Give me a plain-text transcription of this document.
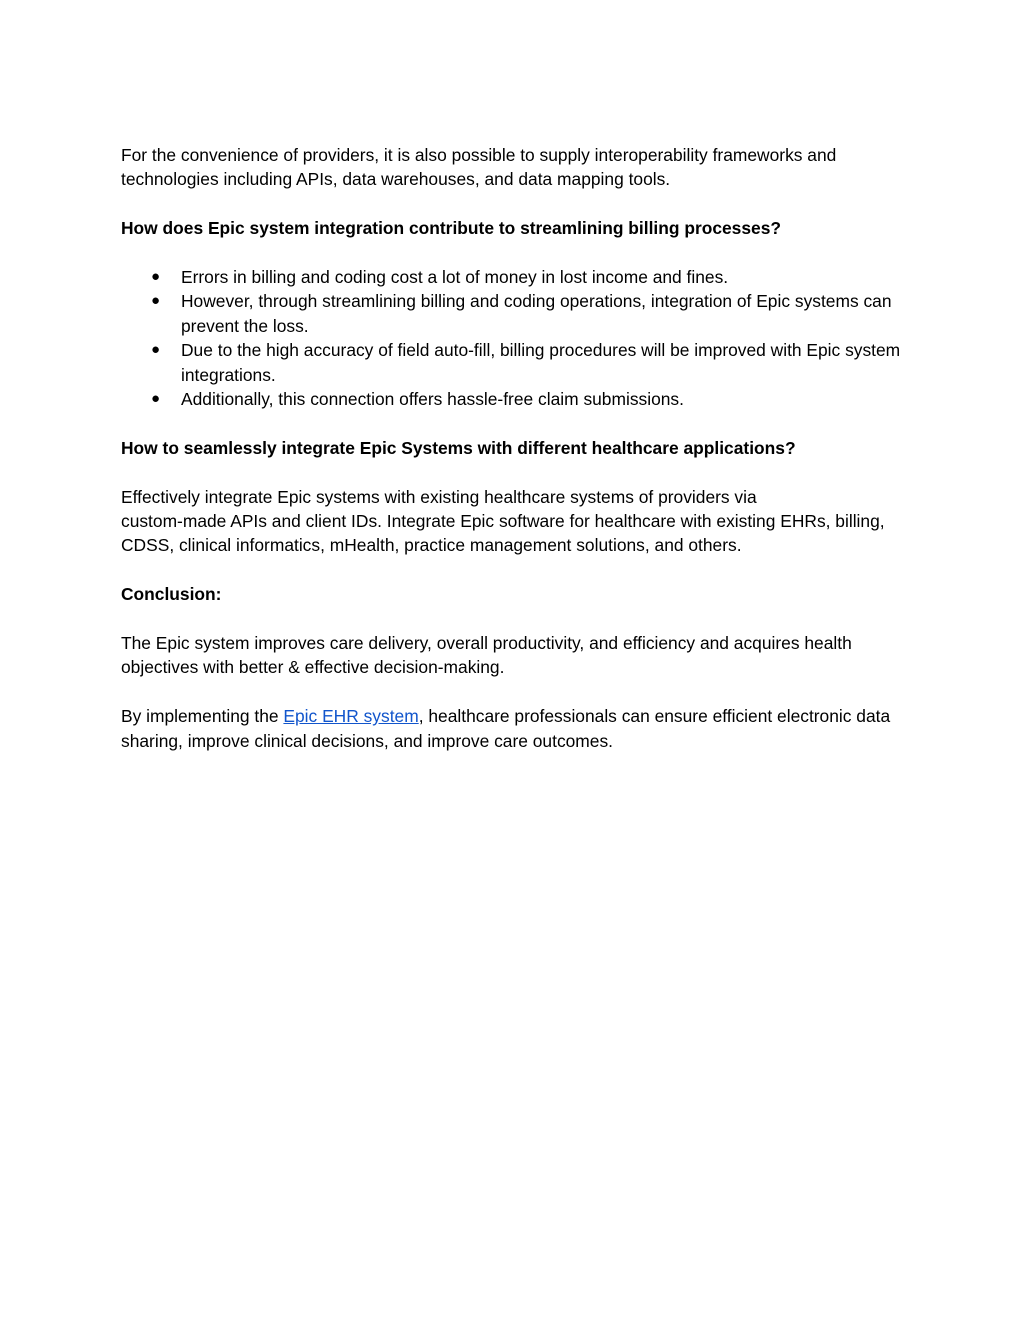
For the convenience of providers, it is also possible to supply interoperability frameworks and technologies including APIs, data warehouses, and data mapping tools.

How does Epic system integration contribute to streamlining billing processes?

● Errors in billing and coding cost a lot of money in lost income and fines.
● However, through streamlining billing and coding operations, integration of Epic systems can prevent the loss.
● Due to the high accuracy of field auto-fill, billing procedures will be improved with Epic system integrations.
● Additionally, this connection offers hassle-free claim submissions.

How to seamlessly integrate Epic Systems with different healthcare applications?

Effectively integrate Epic systems with existing healthcare systems of providers via
custom-made APIs and client IDs. Integrate Epic software for healthcare with existing EHRs, billing, CDSS, clinical informatics, mHealth, practice management solutions, and others.

Conclusion:

The Epic system improves care delivery, overall productivity, and efficiency and acquires health objectives with better & effective decision-making.

By implementing the Epic EHR system, healthcare professionals can ensure efficient electronic data sharing, improve clinical decisions, and improve care outcomes.
